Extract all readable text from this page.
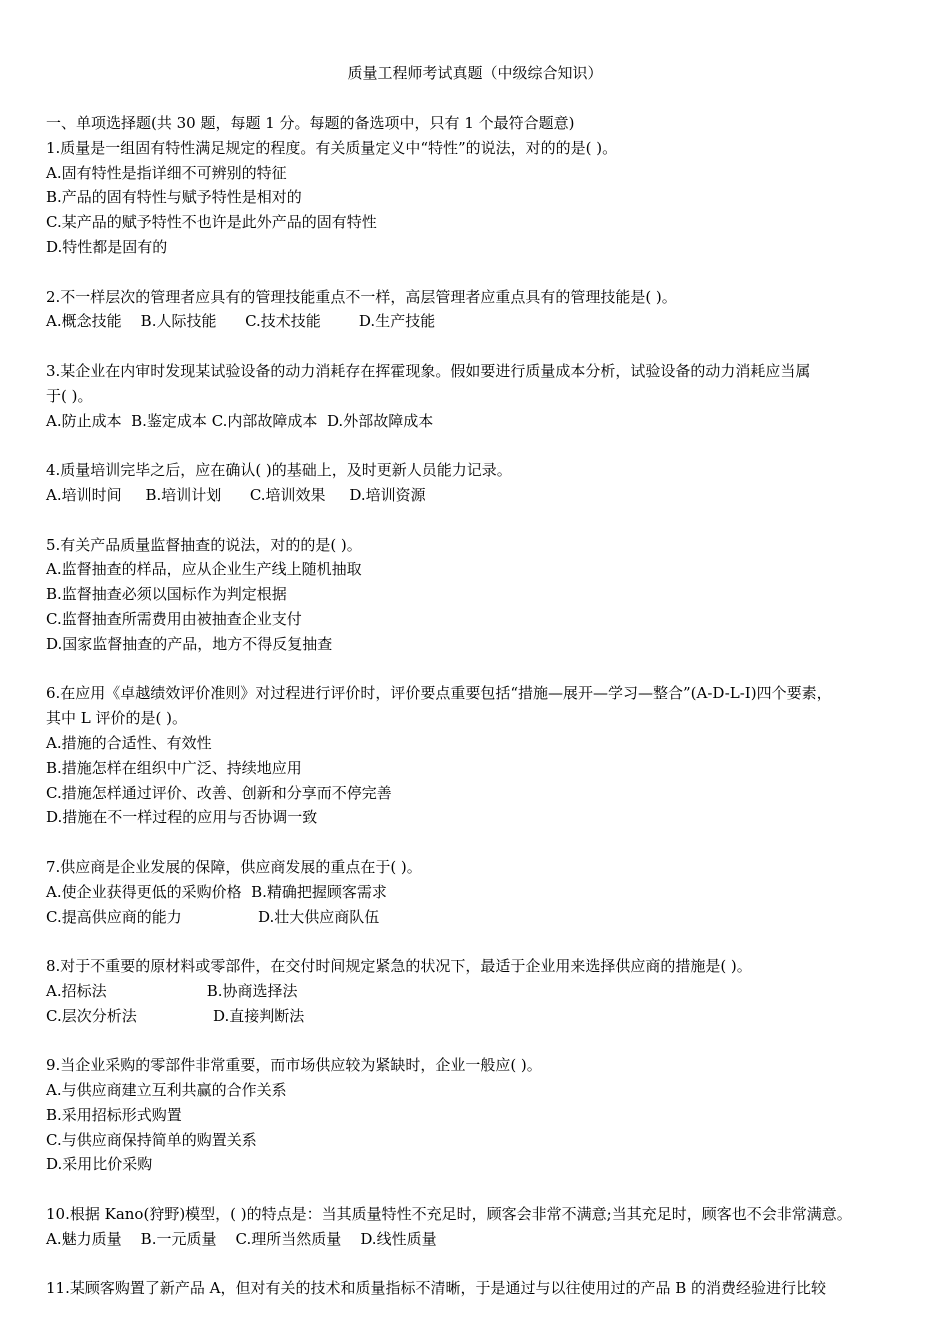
质量工程师考试真题（中级综合知识）
一、单项选择题(共 30 题，每题 1 分。每题的备选项中，只有 1 个最符合题意)
1.质量是一组固有特性满足规定的程度。有关质量定义中“特性”的说法，对的的是( )。
A.固有特性是指详细不可辨别的特征
B.产品的固有特性与赋予特性是相对的
C.某产品的赋予特性不也许是此外产品的固有特性
D.特性都是固有的
2.不一样层次的管理者应具有的管理技能重点不一样，高层管理者应重点具有的管理技能是( )。
A.概念技能    B.人际技能      C.技术技能        D.生产技能
3.某企业在内审时发现某试验设备的动力消耗存在挥霍现象。假如要进行质量成本分析，试验设备的动力消耗应当属
于( )。
A.防止成本  B.鉴定成本 C.内部故障成本  D.外部故障成本
4.质量培训完毕之后，应在确认( )的基础上，及时更新人员能力记录。
A.培训时间     B.培训计划      C.培训效果     D.培训资源
5.有关产品质量监督抽查的说法，对的的是( )。
A.监督抽查的样品，应从企业生产线上随机抽取
B.监督抽查必须以国标作为判定根据
C.监督抽查所需费用由被抽查企业支付
D.国家监督抽查的产品，地方不得反复抽查
6.在应用《卓越绩效评价准则》对过程进行评价时，评价要点重要包括“措施—展开—学习—整合”(A-D-L-I)四个要素，
其中 L 评价的是( )。
A.措施的合适性、有效性
B.措施怎样在组织中广泛、持续地应用
C.措施怎样通过评价、改善、创新和分享而不停完善
D.措施在不一样过程的应用与否协调一致
7.供应商是企业发展的保障，供应商发展的重点在于( )。
A.使企业获得更低的采购价格  B.精确把握顾客需求
C.提高供应商的能力                D.壮大供应商队伍
8.对于不重要的原材料或零部件，在交付时间规定紧急的状况下，最适于企业用来选择供应商的措施是( )。
A.招标法                     B.协商选择法
C.层次分析法                D.直接判断法
9.当企业采购的零部件非常重要，而市场供应较为紧缺时，企业一般应( )。
A.与供应商建立互利共赢的合作关系
B.采用招标形式购置
C.与供应商保持简单的购置关系
D.采用比价采购
10.根据 Kano(狩野)模型，( )的特点是：当其质量特性不充足时，顾客会非常不满意;当其充足时，顾客也不会非常满意。
A.魅力质量    B.一元质量    C.理所当然质量    D.线性质量
11.某顾客购置了新产品 A，但对有关的技术和质量指标不清晰，于是通过与以往使用过的产品 B 的消费经验进行比较
